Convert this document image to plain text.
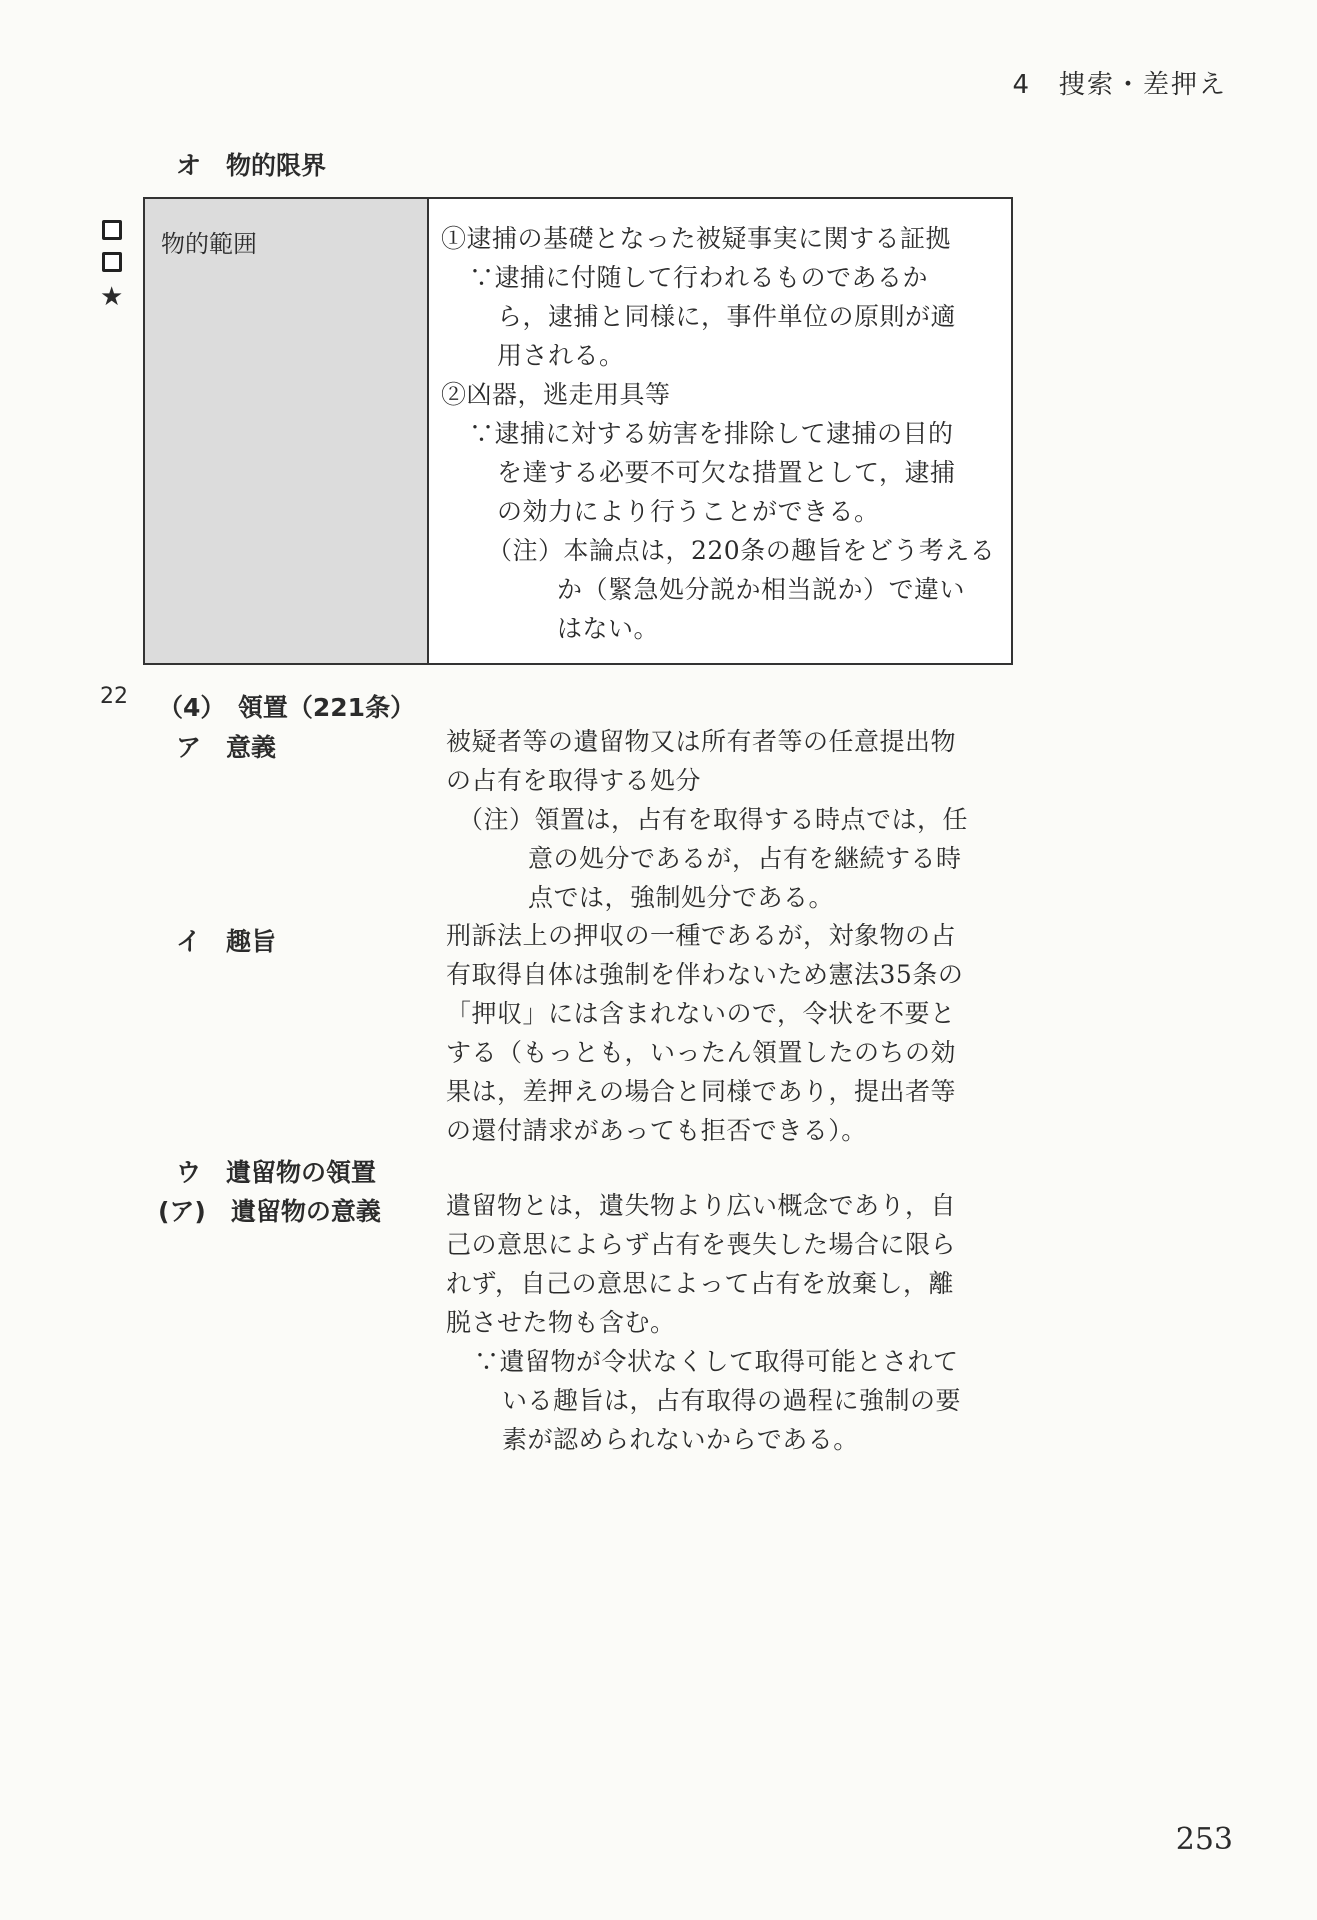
4　捜索・差押え
オ　物的限界
★
物的範囲	①逮捕の基礎となった被疑事実に関する証拠
∵逮捕に付随して行われるものであるか
ら，逮捕と同様に，事件単位の原則が適
用される。
②凶器，逃走用具等
∵逮捕に対する妨害を排除して逮捕の目的
を達する必要不可欠な措置として，逮捕
の効力により行うことができる。
（注）本論点は，220条の趣旨をどう考える
か（緊急処分説か相当説か）で違い
はない。
22 （4）　領置（221条）
ア　意義	被疑者等の遺留物又は所有者等の任意提出物
の占有を取得する処分
（注）領置は，占有を取得する時点では，任
意の処分であるが，占有を継続する時
点では，強制処分である。
イ　趣旨	刑訴法上の押収の一種であるが，対象物の占
有取得自体は強制を伴わないため憲法35条の
「押収」には含まれないので，令状を不要と
する（もっとも，いったん領置したのちの効
果は，差押えの場合と同様であり，提出者等
の還付請求があっても拒否できる）。
ウ　遺留物の領置
(ア)　遺留物の意義	遺留物とは，遺失物より広い概念であり，自
己の意思によらず占有を喪失した場合に限ら
れず，自己の意思によって占有を放棄し，離
脱させた物も含む。
∵遺留物が令状なくして取得可能とされて
いる趣旨は，占有取得の過程に強制の要
素が認められないからである。
253
